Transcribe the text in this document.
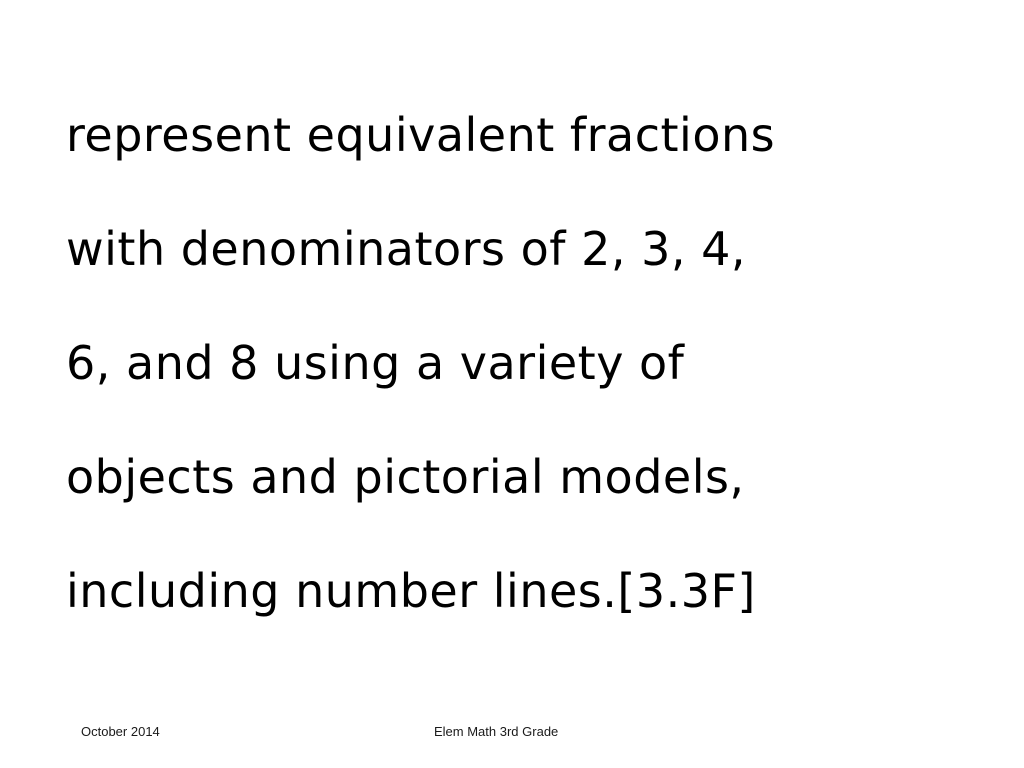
represent equivalent fractions
with denominators of 2, 3, 4,
6, and 8 using a variety of
objects and pictorial models,
including number lines.[3.3F]
October 2014	Elem Math 3rd Grade
